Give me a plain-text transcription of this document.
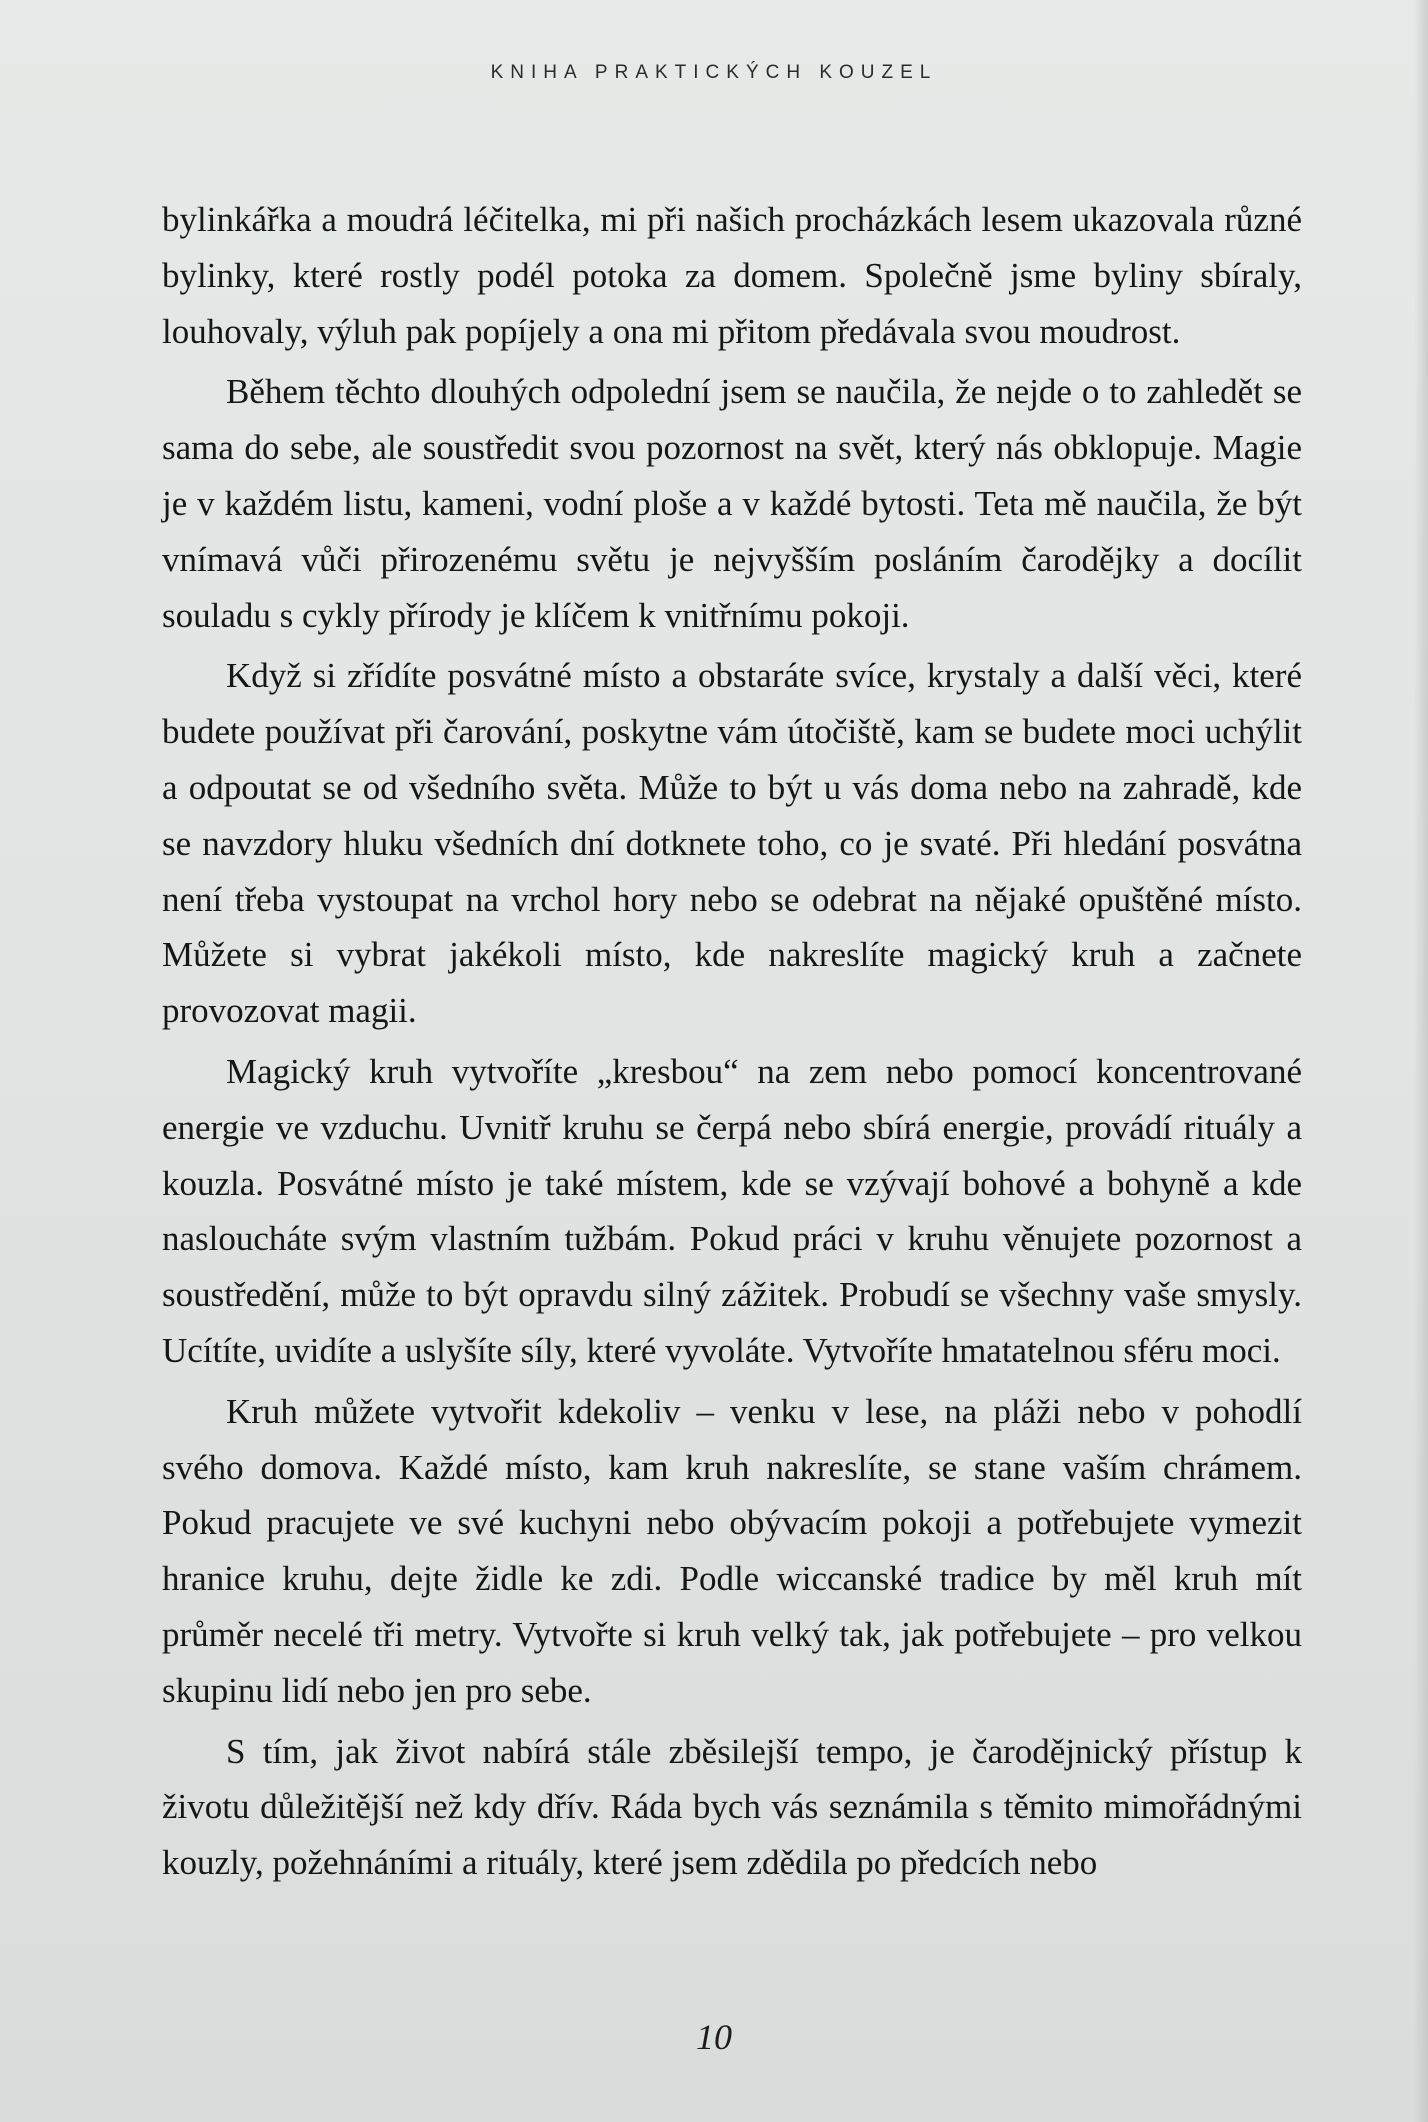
KNIHA PRAKTICKÝCH KOUZEL

bylinkářka a moudrá léčitelka, mi při našich procházkách lesem ukazovala různé bylinky, které rostly podél potoka za domem. Společně jsme byliny sbíraly, louhovaly, výluh pak popíjely a ona mi přitom předávala svou moudrost.

Během těchto dlouhých odpolední jsem se naučila, že nejde o to zahledět se sama do sebe, ale soustředit svou pozornost na svět, který nás obklopuje. Magie je v každém listu, kameni, vodní ploše a v každé bytosti. Teta mě naučila, že být vnímavá vůči přirozenému světu je nejvyšším posláním čarodějky a docílit souladu s cykly přírody je klíčem k vnitřnímu pokoji.

Když si zřídíte posvátné místo a obstaráte svíce, krystaly a další věci, které budete používat při čarování, poskytne vám útočiště, kam se budete moci uchýlit a odpoutat se od všedního světa. Může to být u vás doma nebo na zahradě, kde se navzdory hluku všedních dní dotknete toho, co je svaté. Při hledání posvátna není třeba vystoupat na vrchol hory nebo se odebrat na nějaké opuštěné místo. Můžete si vybrat jakékoli místo, kde nakreslíte magický kruh a začnete provozovat magii.

Magický kruh vytvoříte „kresbou“ na zem nebo pomocí koncentrované energie ve vzduchu. Uvnitř kruhu se čerpá nebo sbírá energie, provádí rituály a kouzla. Posvátné místo je také místem, kde se vzývají bohové a bohyně a kde nasloucháte svým vlastním tužbám. Pokud práci v kruhu věnujete pozornost a soustředění, může to být opravdu silný zážitek. Probudí se všechny vaše smysly. Ucítíte, uvidíte a uslyšíte síly, které vyvoláte. Vytvoříte hmatatelnou sféru moci.

Kruh můžete vytvořit kdekoliv – venku v lese, na pláži nebo v pohodlí svého domova. Každé místo, kam kruh nakreslíte, se stane vaším chrámem. Pokud pracujete ve své kuchyni nebo obývacím pokoji a potřebujete vymezit hranice kruhu, dejte židle ke zdi. Podle wiccanské tradice by měl kruh mít průměr necelé tři metry. Vytvořte si kruh velký tak, jak potřebujete – pro velkou skupinu lidí nebo jen pro sebe.

S tím, jak život nabírá stále zběsilejší tempo, je čarodějnický přístup k životu důležitější než kdy dřív. Ráda bych vás seznámila s těmito mimořádnými kouzly, požehnáními a rituály, které jsem zdědila po předcích nebo

10
